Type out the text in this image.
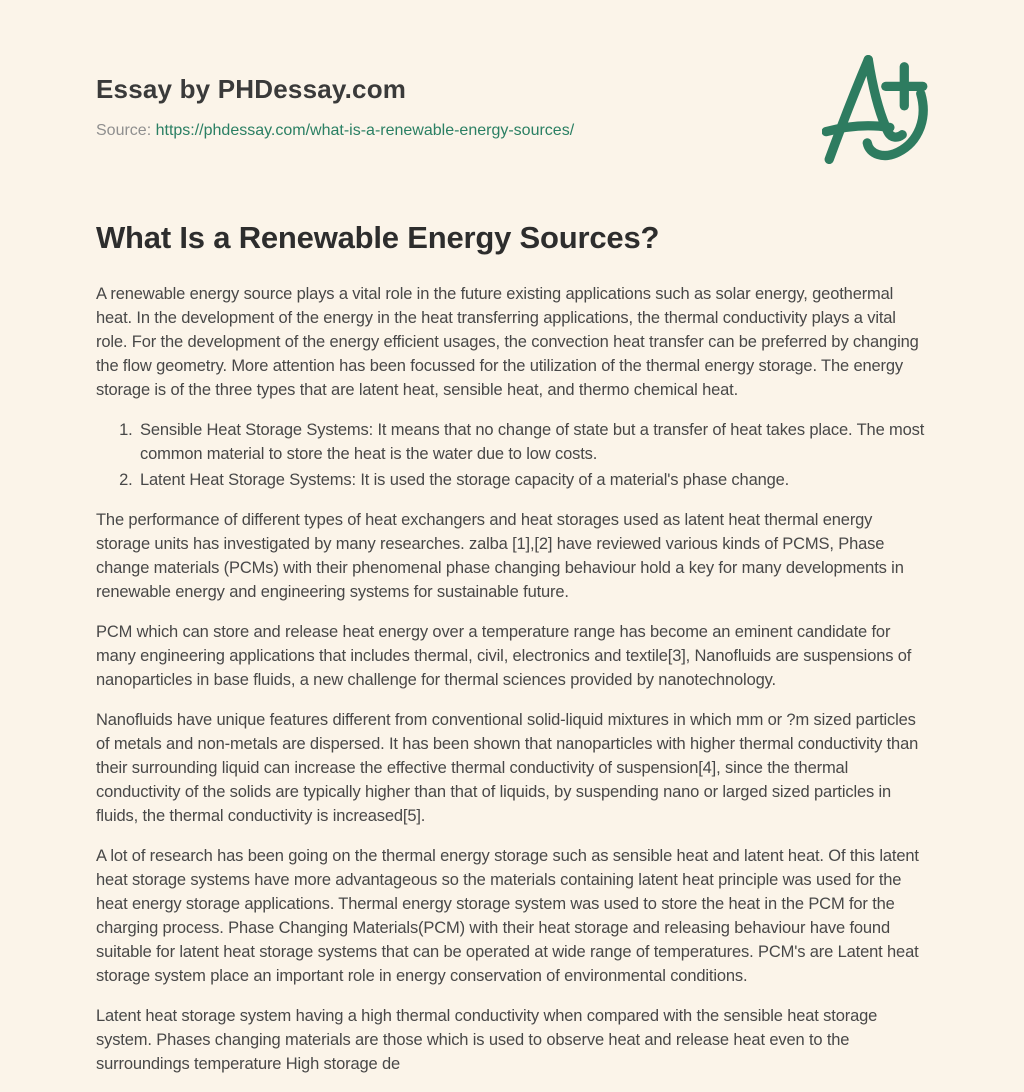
Essay by PHDessay.com
Source: https://phdessay.com/what-is-a-renewable-energy-sources/
What Is a Renewable Energy Sources?

A renewable energy source plays a vital role in the future existing applications such as solar energy, geothermal heat. In the development of the energy in the heat transferring applications, the thermal conductivity plays a vital role. For the development of the energy efficient usages, the convection heat transfer can be preferred by changing the flow geometry. More attention has been focussed for the utilization of the thermal energy storage. The energy storage is of the three types that are latent heat, sensible heat, and thermo chemical heat.

1. Sensible Heat Storage Systems: It means that no change of state but a transfer of heat takes place. The most common material to store the heat is the water due to low costs.
2. Latent Heat Storage Systems: It is used the storage capacity of a material's phase change.

The performance of different types of heat exchangers and heat storages used as latent heat thermal energy storage units has investigated by many researches. zalba [1],[2] have reviewed various kinds of PCMS, Phase change materials (PCMs) with their phenomenal phase changing behaviour hold a key for many developments in renewable energy and engineering systems for sustainable future.

PCM which can store and release heat energy over a temperature range has become an eminent candidate for many engineering applications that includes thermal, civil, electronics and textile[3], Nanofluids are suspensions of nanoparticles in base fluids, a new challenge for thermal sciences provided by nanotechnology.

Nanofluids have unique features different from conventional solid-liquid mixtures in which mm or ?m sized particles of metals and non-metals are dispersed. It has been shown that nanoparticles with higher thermal conductivity than their surrounding liquid can increase the effective thermal conductivity of suspension[4], since the thermal conductivity of the solids are typically higher than that of liquids, by suspending nano or larged sized particles in fluids, the thermal conductivity is increased[5].

A lot of research has been going on the thermal energy storage such as sensible heat and latent heat. Of this latent heat storage systems have more advantageous so the materials containing latent heat principle was used for the heat energy storage applications. Thermal energy storage system was used to store the heat in the PCM for the charging process. Phase Changing Materials(PCM) with their heat storage and releasing behaviour have found suitable for latent heat storage systems that can be operated at wide range of temperatures. PCM's are Latent heat storage system place an important role in energy conservation of environmental conditions.

Latent heat storage system having a high thermal conductivity when compared with the sensible heat storage system. Phases changing materials are those which is used to observe heat and release heat even to the surroundings temperature High storage de
